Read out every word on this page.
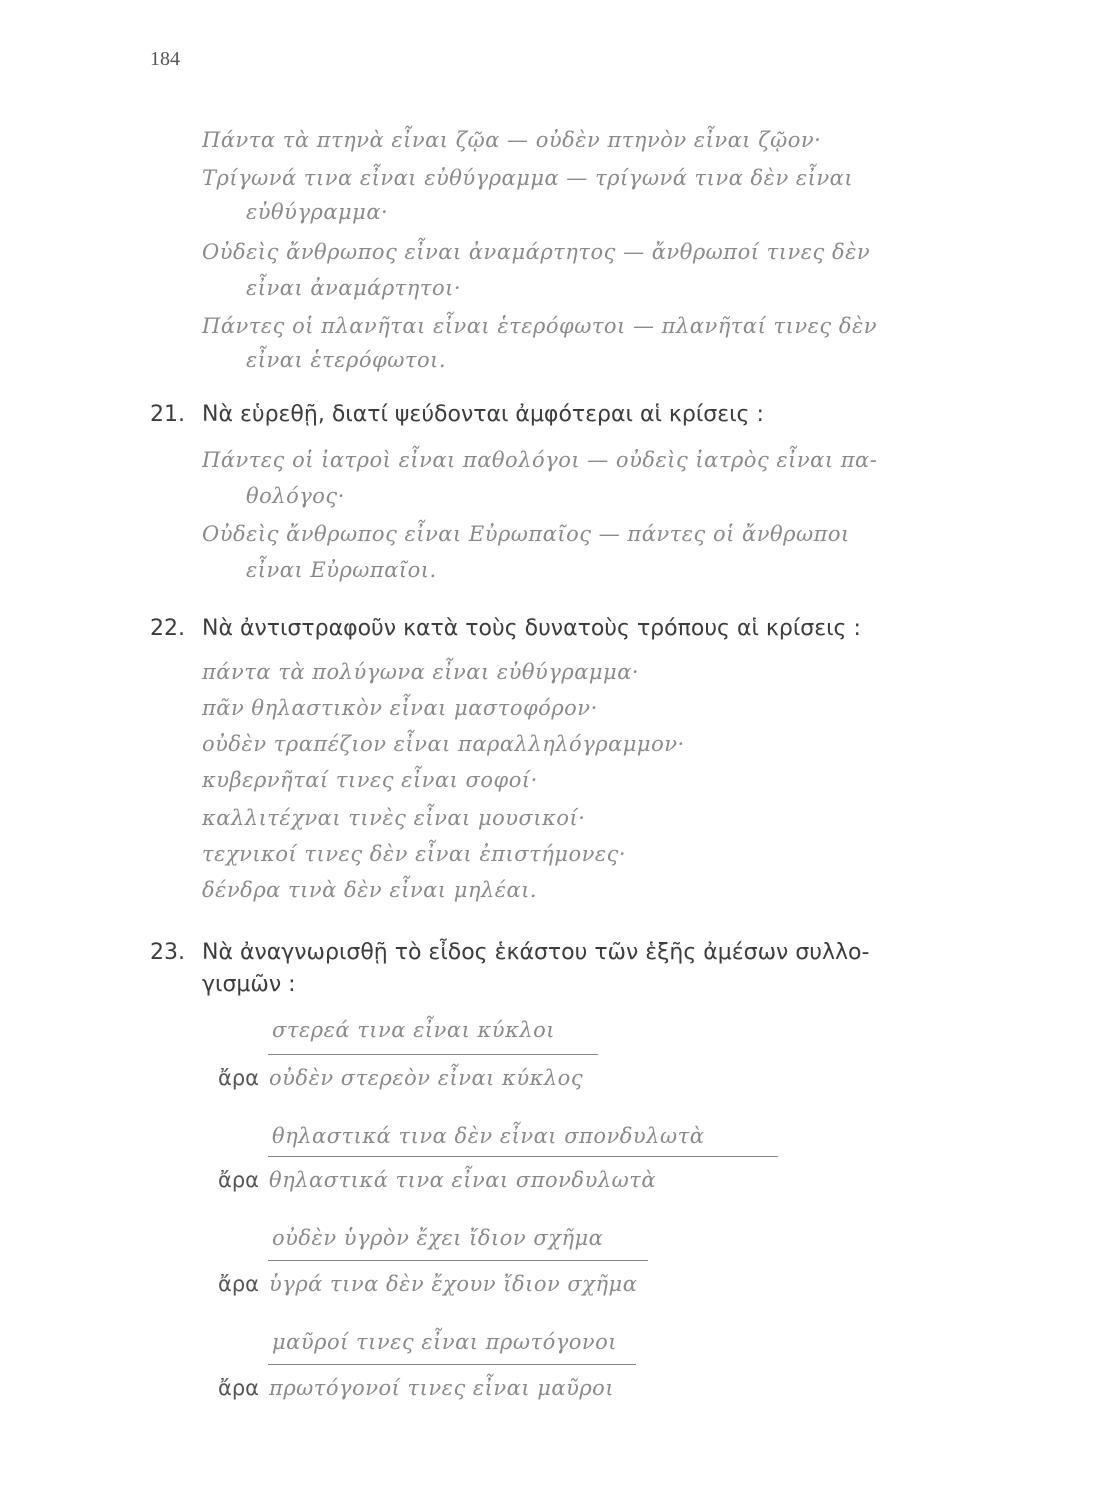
184
Πάντα τὰ πτηνὰ εἶναι ζῷα — οὐδὲν πτηνὸν εἶναι ζῷον·
Τρίγωνά τινα εἶναι εὐθύγραμμα — τρίγωνά τινα δὲν εἶναι
εὐθύγραμμα·
Οὐδεὶς ἄνθρωπος εἶναι ἀναμάρτητος — ἄνθρωποί τινες δὲν
εἶναι ἀναμάρτητοι·
Πάντες οἱ πλανῆται εἶναι ἑτερόφωτοι — πλανῆταί τινες δὲν
εἶναι ἑτερόφωτοι.
21. Νὰ εὑρεθῇ, διατί ψεύδονται ἀμφότεραι αἱ κρίσεις :
Πάντες οἱ ἰατροὶ εἶναι παθολόγοι — οὐδεὶς ἰατρὸς εἶναι πα-
θολόγος·
Οὐδεὶς ἄνθρωπος εἶναι Εὐρωπαῖος — πάντες οἱ ἄνθρωποι
εἶναι Εὐρωπαῖοι.
22. Νὰ ἀντιστραφοῦν κατὰ τοὺς δυνατοὺς τρόπους αἱ κρίσεις :
πάντα τὰ πολύγωνα εἶναι εὐθύγραμμα·
πᾶν θηλαστικὸν εἶναι μαστοφόρον·
οὐδὲν τραπέζιον εἶναι παραλληλόγραμμον·
κυβερνῆταί τινες εἶναι σοφοί·
καλλιτέχναι τινὲς εἶναι μουσικοί·
τεχνικοί τινες δὲν εἶναι ἐπιστήμονες·
δένδρα τινὰ δὲν εἶναι μηλέαι.
23. Νὰ ἀναγνωρισθῇ τὸ εἶδος ἑκάστου τῶν ἑξῆς ἀμέσων συλλο-
γισμῶν :
στερεά τινα εἶναι κύκλοι
ἄρα οὐδὲν στερεὸν εἶναι κύκλος
θηλαστικά τινα δὲν εἶναι σπονδυλωτὰ
ἄρα θηλαστικά τινα εἶναι σπονδυλωτὰ
οὐδὲν ὑγρὸν ἔχει ἴδιον σχῆμα
ἄρα ὑγρά τινα δὲν ἔχουν ἴδιον σχῆμα
μαῦροί τινες εἶναι πρωτόγονοι
ἄρα πρωτόγονοί τινες εἶναι μαῦροι
